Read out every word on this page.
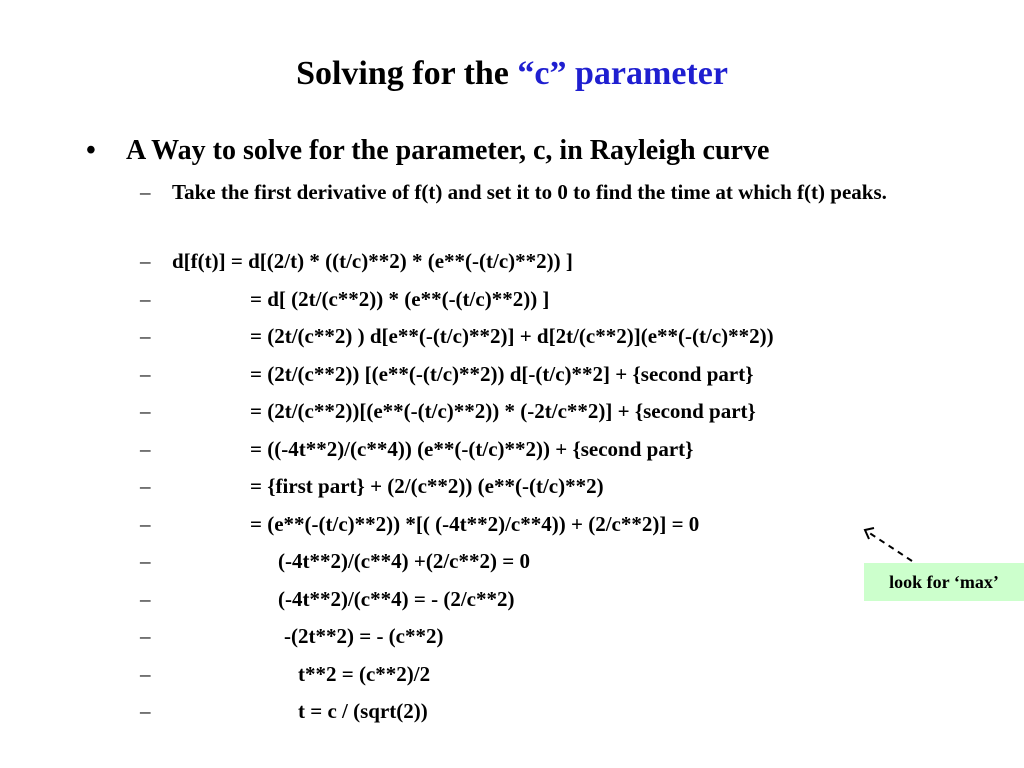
Solving for the “c” parameter
• A Way to solve for the parameter, c, in Rayleigh curve
– Take the first derivative of f(t) and set it to 0 to find the time at which f(t) peaks.
– d[f(t)] = d[(2/t) * ((t/c)**2) * (e**(-(t/c)**2)) ]
–	= d[ (2t/(c**2)) * (e**(-(t/c)**2)) ]
–	= (2t/(c**2) ) d[e**(-(t/c)**2)] + d[2t/(c**2)](e**(-(t/c)**2))
–	= (2t/(c**2)) [(e**(-(t/c)**2)) d[-(t/c)**2] + {second part}
–	= (2t/(c**2))[(e**(-(t/c)**2)) * (-2t/c**2)] + {second part}
–	= ((-4t**2)/(c**4)) (e**(-(t/c)**2)) + {second part}
–	= {first part} + (2/(c**2)) (e**(-(t/c)**2)
–	= (e**(-(t/c)**2)) *[( (-4t**2)/c**4)) + (2/c**2)] = 0
–	(-4t**2)/(c**4) +(2/c**2) = 0
–	(-4t**2)/(c**4) = - (2/c**2)
–	-(2t**2) = - (c**2)
–	t**2 = (c**2)/2
–	t = c / (sqrt(2))
look for ‘max’
